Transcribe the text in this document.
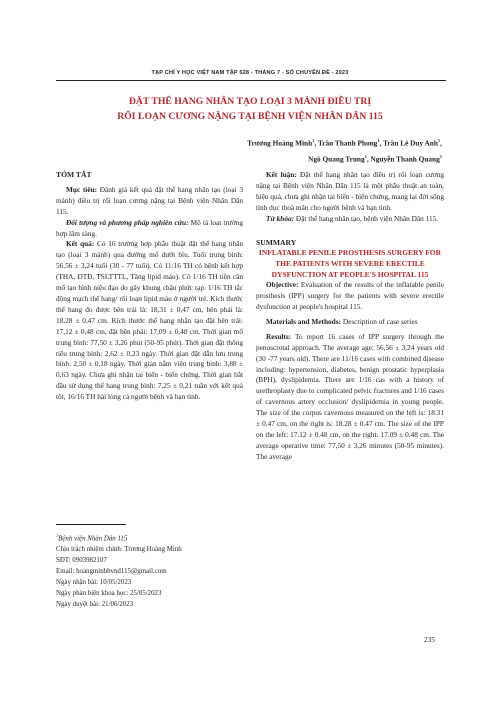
TẠP CHÍ Y HỌC VIỆT NAM TẬP 528 - THÁNG 7 - SỐ CHUYÊN ĐỀ - 2023
ĐẶT THỂ HANG NHÂN TẠO LOẠI 3 MẢNH ĐIỀU TRỊ
RỐI LOẠN CƯƠNG NẶNG TẠI BỆNH VIỆN NHÂN DÂN 115
Trương Hoàng Minh$^1$, Trần Thanh Phong$^1$, Trần Lê Duy Anh$^1$,
Ngô Quang Trung$^1$, Nguyễn Thanh Quang$^1$

TÓM TẮT

Mục tiêu: Đánh giá kết quả đặt thể hang nhân tạo (loại 3 mảnh) điều trị rối loạn cương nặng tại Bệnh viện Nhân Dân 115.

Đối tượng và phương pháp nghiên cứu: Mô tả loạt trường hợp lâm sàng.

Kết quả: Có 16 trường hợp phẫu thuật đặt thể hang nhân tạo (loại 3 mảnh) qua đường mổ dưới bìu. Tuổi trung bình: 56,56 ± 3,24 tuổi (30 - 77 tuổi). Có 11/16 TH có bệnh kết hợp (THA, ĐTĐ, TSLTTTL, Tăng lipid máu). Có 1/16 TH tiền căn mổ tạo hình niệu đạo do gãy khung chậu phức tạp. 1/16 TH tắc động mạch thể hang/ rối loạn lipid máu ở người trẻ. Kích thước thể hang đo được bên trái là: 18,31 ± 0,47 cm, bên phải là: 18,28 ± 0,47 cm. Kích thước thể hang nhân tạo đặt bên trái: 17,12 ± 0,48 cm, đặt bên phải: 17,09 ± 0,48 cm. Thời gian mổ trung bình: 77,50 ± 3,26 phút (50-95 phút). Thời gian đặt thông tiểu trung bình: 2,62 ± 0,23 ngày. Thời gian đặt dẫn lưu trung bình: 2,50 ± 0,18 ngày. Thời gian nằm viện trung bình: 3,88 ± 0,63 ngày. Chưa ghi nhận tai biến - biến chứng. Thời gian bắt đầu sử dụng thể hang trung bình: 7,25 ± 0,21 tuần với kết quả tốt, 16/16 TH hài lòng cả người bệnh và bạn tình.

Kết luận: Đặt thể hang nhân tạo điều trị rối loạn cương nặng tại Bệnh viện Nhân Dân 115 là một phẫu thuật an toàn, hiệu quả, chưa ghi nhận tai biến - biến chứng, mang lại đời sống tình dục thoả mãn cho người bệnh và bạn tình.

Từ khóa: Đặt thể hang nhân tạo, bệnh viện Nhân Dân 115.

SUMMARY

INFLATABLE PENILE PROSTHESIS SURGERY FOR THE PATIENTS WITH SEVERE ERECTILE DYSFUNCTION AT PEOPLE'S HOSPITAL 115

Objective: Evaluation of the results of the inflatable penile prosthesis (IPP) surgery for the patients with severe erectile dysfunction at people's hospital 115.

Materials and Methods: Description of case series

Results: To report 16 cases of IPP surgery through the penoscrotal approach. The average age: 56,56 ± 3,24 years old (30 -77 years old). There are 11/16 cases with combined disease including: hypertension, diabetes, benign prostatic hyperplasia (BPH), dyslipidemia. There are 1/16 cas with a history of urethroplasty due to complicated pelvic fractures and 1/16 cases of cavernous artery occlusion/ dyslipidemia in young people. The size of the corpus cavernous measured on the left is: 18.31 ± 0.47 cm, on the right is: 18.28 ± 0.47 cm. The size of the IPP on the left: 17.12 ± 0.48 cm, on the right: 17.09 ± 0.48 cm. The average operative time: 77,50 ± 3,26 minutes (50-95 minutes). The average

$^1$Bệnh viện Nhân Dân 115

Chịu trách nhiệm chính: Trương Hoàng Minh

SĐT: 0903982107

Email: hoangminhbvnd115@gmail.com

Ngày nhận bài: 10/05/2023

Ngày phản biện khoa học: 25/05/2023

Ngày duyệt bài: 21/06/2023

235
